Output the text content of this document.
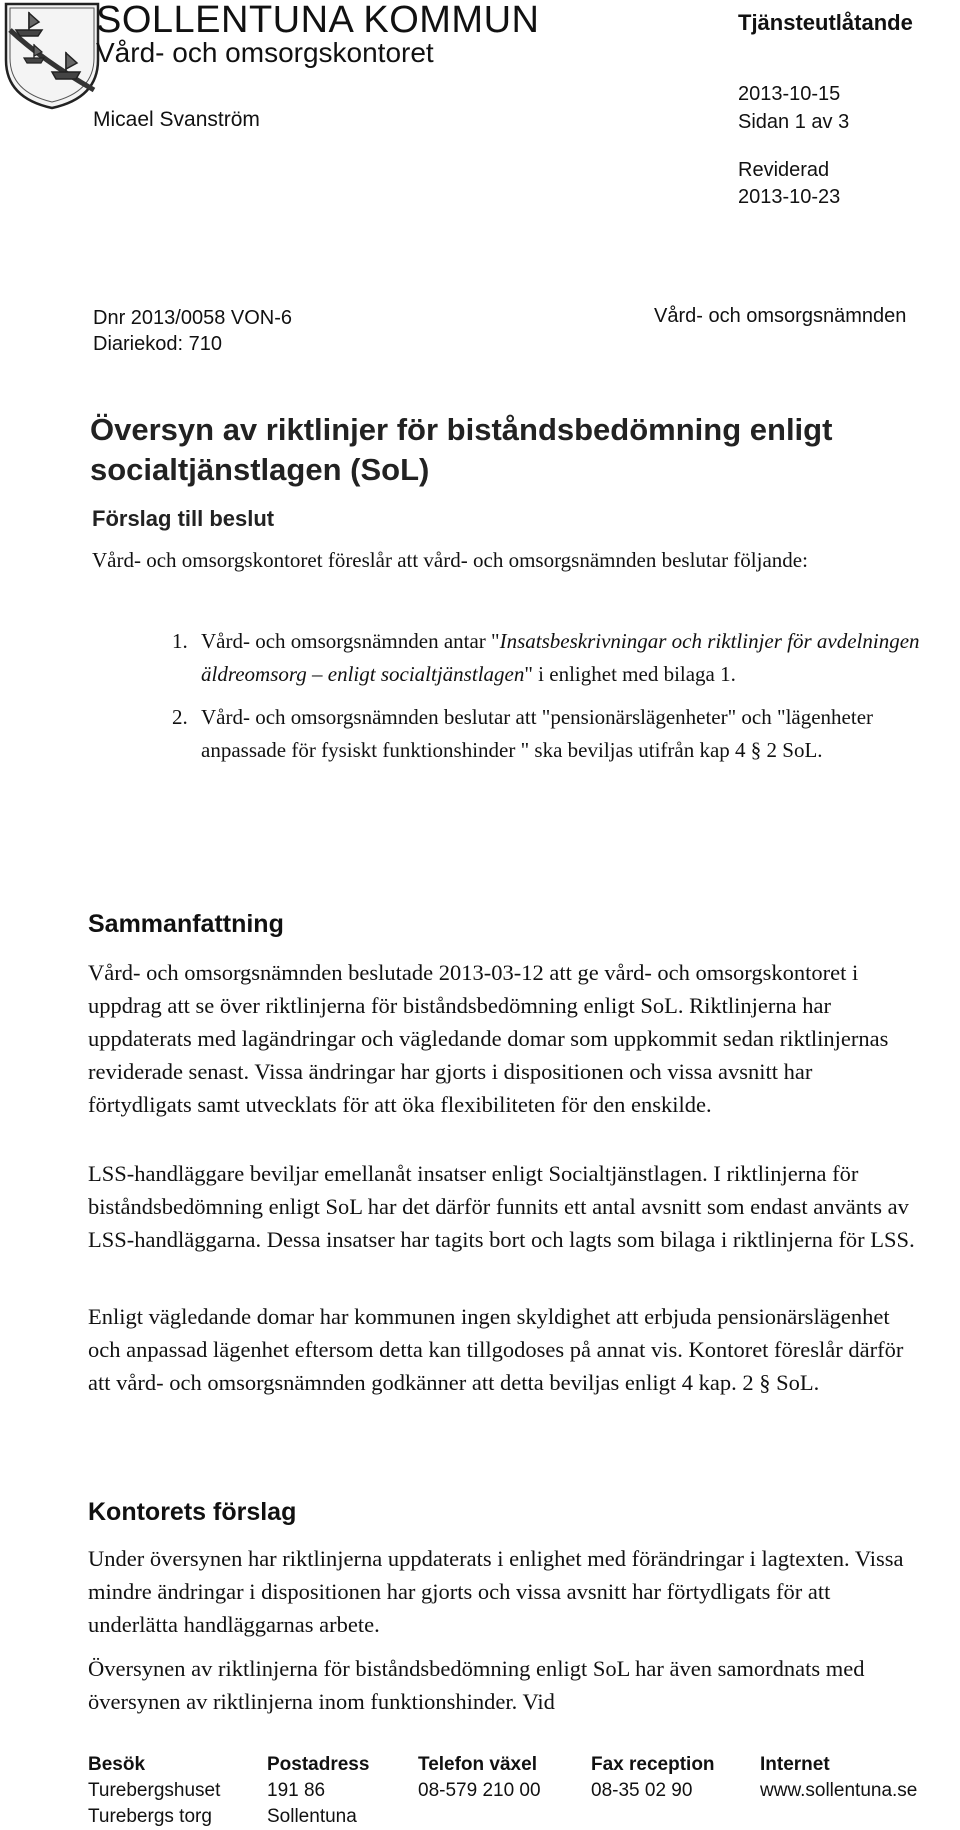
SOLLENTUNA KOMMUN
Vård- och omsorgskontoret
Micael Svanström
Tjänsteutlåtande
2013-10-15
Sidan 1 av 3
Reviderad
2013-10-23
Dnr 2013/0058 VON-6
Diariekod: 710
Vård- och omsorgsnämnden
Översyn av riktlinjer för biståndsbedömning enligt socialtjänstlagen (SoL)
Förslag till beslut
Vård- och omsorgskontoret föreslår att vård- och omsorgsnämnden beslutar följande:
1. Vård- och omsorgsnämnden antar "Insatsbeskrivningar och riktlinjer för avdelningen äldreomsorg – enligt socialtjänstlagen" i enlighet med bilaga 1.
2. Vård- och omsorgsnämnden beslutar att "pensionärslägenheter" och "lägenheter anpassade för fysiskt funktionshinder " ska beviljas utifrån kap 4 § 2 SoL.
Sammanfattning
Vård- och omsorgsnämnden beslutade 2013-03-12 att ge vård- och omsorgskontoret i uppdrag att se över riktlinjerna för biståndsbedömning enligt SoL. Riktlinjerna har uppdaterats med lagändringar och vägledande domar som uppkommit sedan riktlinjernas reviderade senast. Vissa ändringar har gjorts i dispositionen och vissa avsnitt har förtydligats samt utvecklats för att öka flexibiliteten för den enskilde.
LSS-handläggare beviljar emellanåt insatser enligt Socialtjänstlagen. I riktlinjerna för biståndsbedömning enligt SoL har det därför funnits ett antal avsnitt som endast använts av LSS-handläggarna. Dessa insatser har tagits bort och lagts som bilaga i riktlinjerna för LSS.
Enligt vägledande domar har kommunen ingen skyldighet att erbjuda pensionärslägenhet och anpassad lägenhet eftersom detta kan tillgodoses på annat vis. Kontoret föreslår därför att vård- och omsorgsnämnden godkänner att detta beviljas enligt 4 kap. 2 § SoL.
Kontorets förslag
Under översynen har riktlinjerna uppdaterats i enlighet med förändringar i lagtexten. Vissa mindre ändringar i dispositionen har gjorts och vissa avsnitt har förtydligats för att underlätta handläggarnas arbete.
Översynen av riktlinjerna för biståndsbedömning enligt SoL har även samordnats med översynen av riktlinjerna inom funktionshinder. Vid
Besök
Turebergshuset
Turebergs torg
Postadress
191 86
Sollentuna
Telefon växel
08-579 210 00
Fax reception
08-35 02 90
Internet
www.sollentuna.se
